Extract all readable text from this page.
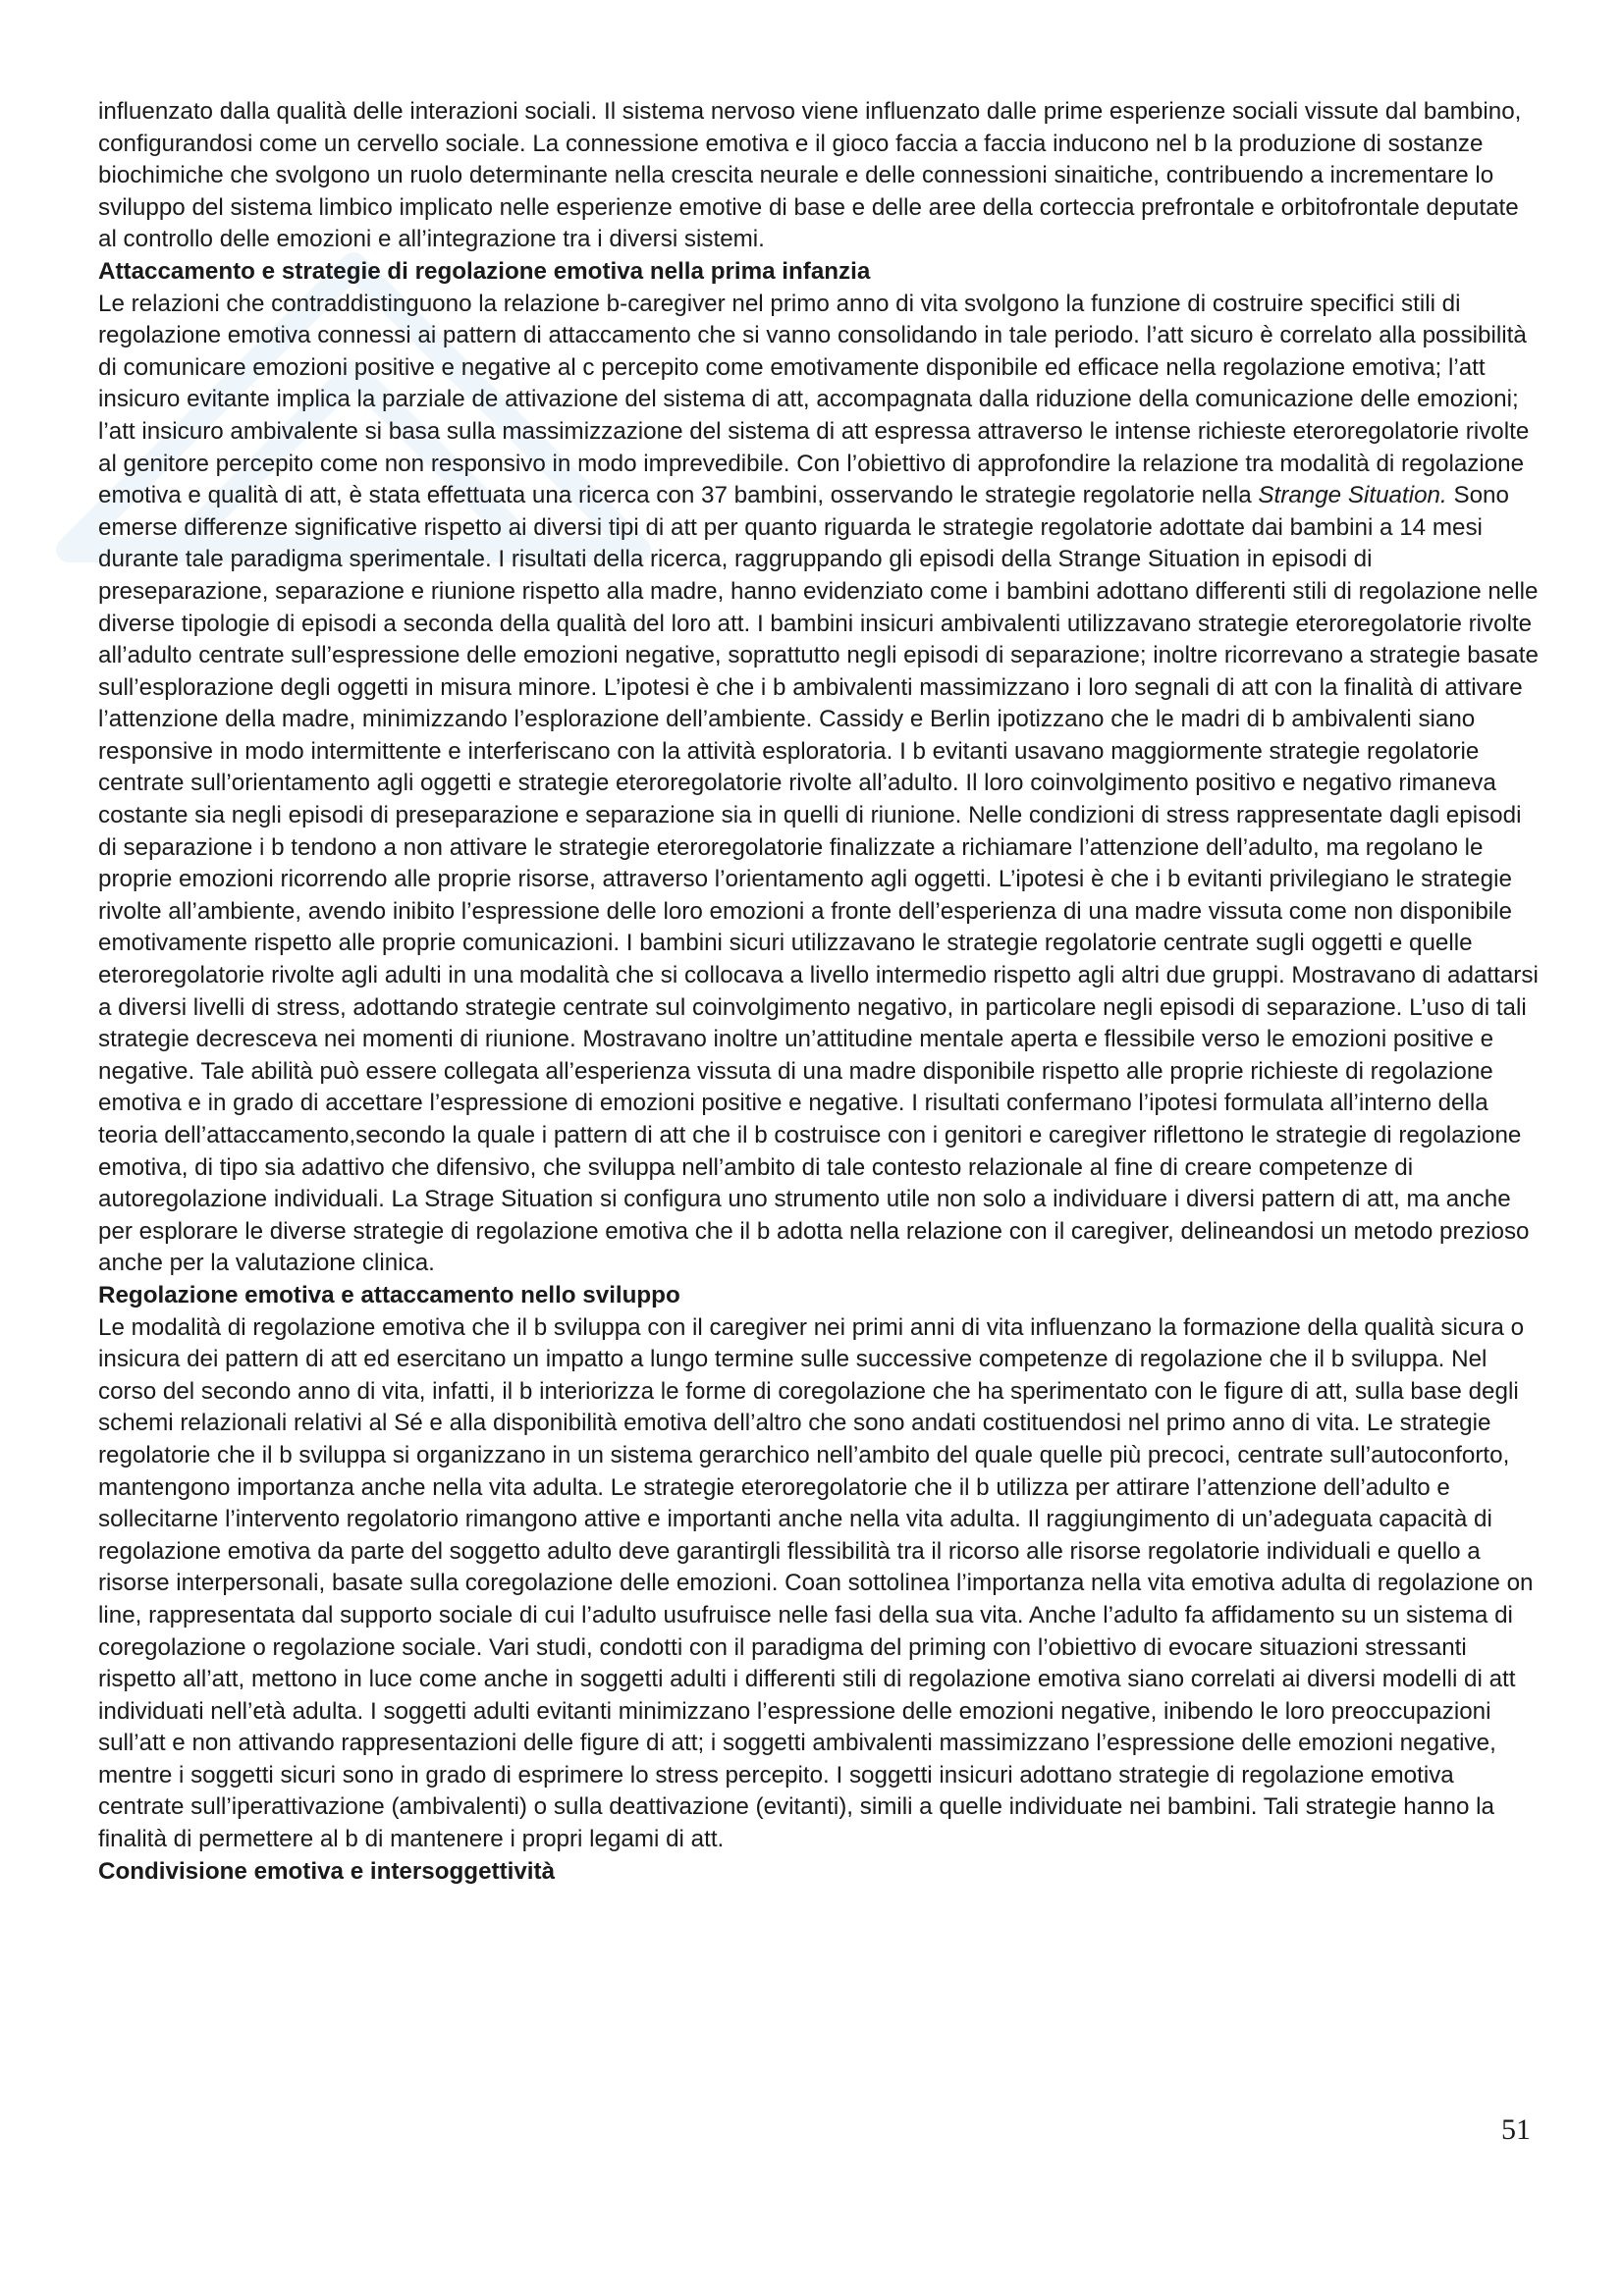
influenzato dalla qualità delle interazioni sociali. Il sistema nervoso viene influenzato dalle prime esperienze sociali vissute dal bambino, configurandosi come un cervello sociale. La connessione emotiva e il gioco faccia a faccia inducono nel b la produzione di sostanze biochimiche che svolgono un ruolo determinante nella crescita neurale e delle connessioni sinaitiche, contribuendo a incrementare lo sviluppo del sistema limbico implicato nelle esperienze emotive di base e delle aree della corteccia prefrontale e orbitofrontale deputate al controllo delle emozioni e all’integrazione tra i diversi sistemi.

Attaccamento e strategie di regolazione emotiva nella prima infanzia

Le relazioni che contraddistinguono la relazione b-caregiver nel primo anno di vita svolgono la funzione di costruire specifici stili di regolazione emotiva connessi ai pattern di attaccamento che si vanno consolidando in tale periodo. l’att sicuro è correlato alla possibilità di comunicare emozioni positive e negative al c percepito come emotivamente disponibile ed efficace nella regolazione emotiva; l’att insicuro evitante implica la parziale de attivazione del sistema di att, accompagnata dalla riduzione della comunicazione delle emozioni; l’att insicuro ambivalente si basa sulla massimizzazione del sistema di att espressa attraverso le intense richieste eteroregolatorie rivolte al genitore percepito come non responsivo in modo imprevedibile. Con l’obiettivo di approfondire la relazione tra modalità di regolazione emotiva e qualità di att, è stata effettuata una ricerca con 37 bambini, osservando le strategie regolatorie nella Strange Situation. Sono emerse differenze significative rispetto ai diversi tipi di att per quanto riguarda le strategie regolatorie adottate dai bambini a 14 mesi durante tale paradigma sperimentale. I risultati della ricerca, raggruppando gli episodi della Strange Situation in episodi di preseparazione, separazione e riunione rispetto alla madre, hanno evidenziato come i bambini adottano differenti stili di regolazione nelle diverse tipologie di episodi a seconda della qualità del loro att. I bambini insicuri ambivalenti utilizzavano strategie eteroregolatorie rivolte all’adulto centrate sull’espressione delle emozioni negative, soprattutto negli episodi di separazione; inoltre ricorrevano a strategie basate sull’esplorazione degli oggetti in misura minore. L’ipotesi è che i b ambivalenti massimizzano i loro segnali di att con la finalità di attivare l’attenzione della madre, minimizzando l’esplorazione dell’ambiente. Cassidy e Berlin ipotizzano che le madri di b ambivalenti siano responsive in modo intermittente e interferiscano con la attività esploratoria. I b evitanti usavano maggiormente strategie regolatorie centrate sull’orientamento agli oggetti e strategie eteroregolatorie rivolte all’adulto. Il loro coinvolgimento positivo e negativo rimaneva costante sia negli episodi di preseparazione e separazione sia in quelli di riunione. Nelle condizioni di stress rappresentate dagli episodi di separazione i b tendono a non attivare le strategie eteroregolatorie finalizzate a richiamare l’attenzione dell’adulto, ma regolano le proprie emozioni ricorrendo alle proprie risorse, attraverso l’orientamento agli oggetti. L’ipotesi è che i b evitanti privilegiano le strategie rivolte all’ambiente, avendo inibito l’espressione delle loro emozioni a fronte dell’esperienza di una madre vissuta come non disponibile emotivamente rispetto alle proprie comunicazioni. I bambini sicuri utilizzavano le strategie regolatorie centrate sugli oggetti e quelle eteroregolatorie rivolte agli adulti in una modalità che si collocava a livello intermedio rispetto agli altri due gruppi. Mostravano di adattarsi a diversi livelli di stress, adottando strategie centrate sul coinvolgimento negativo, in particolare negli episodi di separazione. L’uso di tali strategie decresceva nei momenti di riunione. Mostravano inoltre un’attitudine mentale aperta e flessibile verso le emozioni positive e negative. Tale abilità può essere collegata all’esperienza vissuta di una madre disponibile rispetto alle proprie richieste di regolazione emotiva e in grado di accettare l’espressione di emozioni positive e negative. I risultati confermano l’ipotesi formulata all’interno della teoria dell’attaccamento,secondo la quale i pattern di att che il b costruisce con i genitori e caregiver riflettono le strategie di regolazione emotiva, di tipo sia adattivo che difensivo, che sviluppa nell’ambito di tale contesto relazionale al fine di creare competenze di autoregolazione individuali. La Strage Situation si configura uno strumento utile non solo a individuare i diversi pattern di att, ma anche per esplorare le diverse strategie di regolazione emotiva che il b adotta nella relazione con il caregiver, delineandosi un metodo prezioso anche per la valutazione clinica.

Regolazione emotiva e attaccamento nello sviluppo

Le modalità di regolazione emotiva che il b sviluppa con il caregiver nei primi anni di vita influenzano la formazione della qualità sicura o insicura dei pattern di att ed esercitano un impatto a lungo termine sulle successive competenze di regolazione che il b sviluppa. Nel corso del secondo anno di vita, infatti, il b interiorizza le forme di coregolazione che ha sperimentato con le figure di att, sulla base degli schemi relazionali relativi al Sé e alla disponibilità emotiva dell’altro che sono andati costituendosi nel primo anno di vita. Le strategie regolatorie che il b sviluppa si organizzano in un sistema gerarchico nell’ambito del quale quelle più precoci, centrate sull’autoconforto, mantengono importanza anche nella vita adulta. Le strategie eteroregolatorie che il b utilizza per attirare l’attenzione dell’adulto e sollecitarne l’intervento regolatorio rimangono attive e importanti anche nella vita adulta. Il raggiungimento di un’adeguata capacità di regolazione emotiva da parte del soggetto adulto deve garantirgli flessibilità tra il ricorso alle risorse regolatorie individuali e quello a risorse interpersonali, basate sulla coregolazione delle emozioni. Coan sottolinea l’importanza nella vita emotiva adulta di regolazione on line, rappresentata dal supporto sociale di cui l’adulto usufruisce nelle fasi della sua vita. Anche l’adulto fa affidamento su un sistema di coregolazione o regolazione sociale. Vari studi, condotti con il paradigma del priming con l’obiettivo di evocare situazioni stressanti rispetto all’att, mettono in luce come anche in soggetti adulti i differenti stili di regolazione emotiva siano correlati ai diversi modelli di att individuati nell’età adulta. I soggetti adulti evitanti minimizzano l’espressione delle emozioni negative, inibendo le loro preoccupazioni sull’att e non attivando rappresentazioni delle figure di att; i soggetti ambivalenti massimizzano l’espressione delle emozioni negative, mentre i soggetti sicuri sono in grado di esprimere lo stress percepito. I soggetti insicuri adottano strategie di regolazione emotiva centrate sull’iperattivazione (ambivalenti) o sulla deattivazione (evitanti), simili a quelle individuate nei bambini. Tali strategie hanno la finalità di permettere al b di mantenere i propri legami di att.

Condivisione emotiva e intersoggettività
51
